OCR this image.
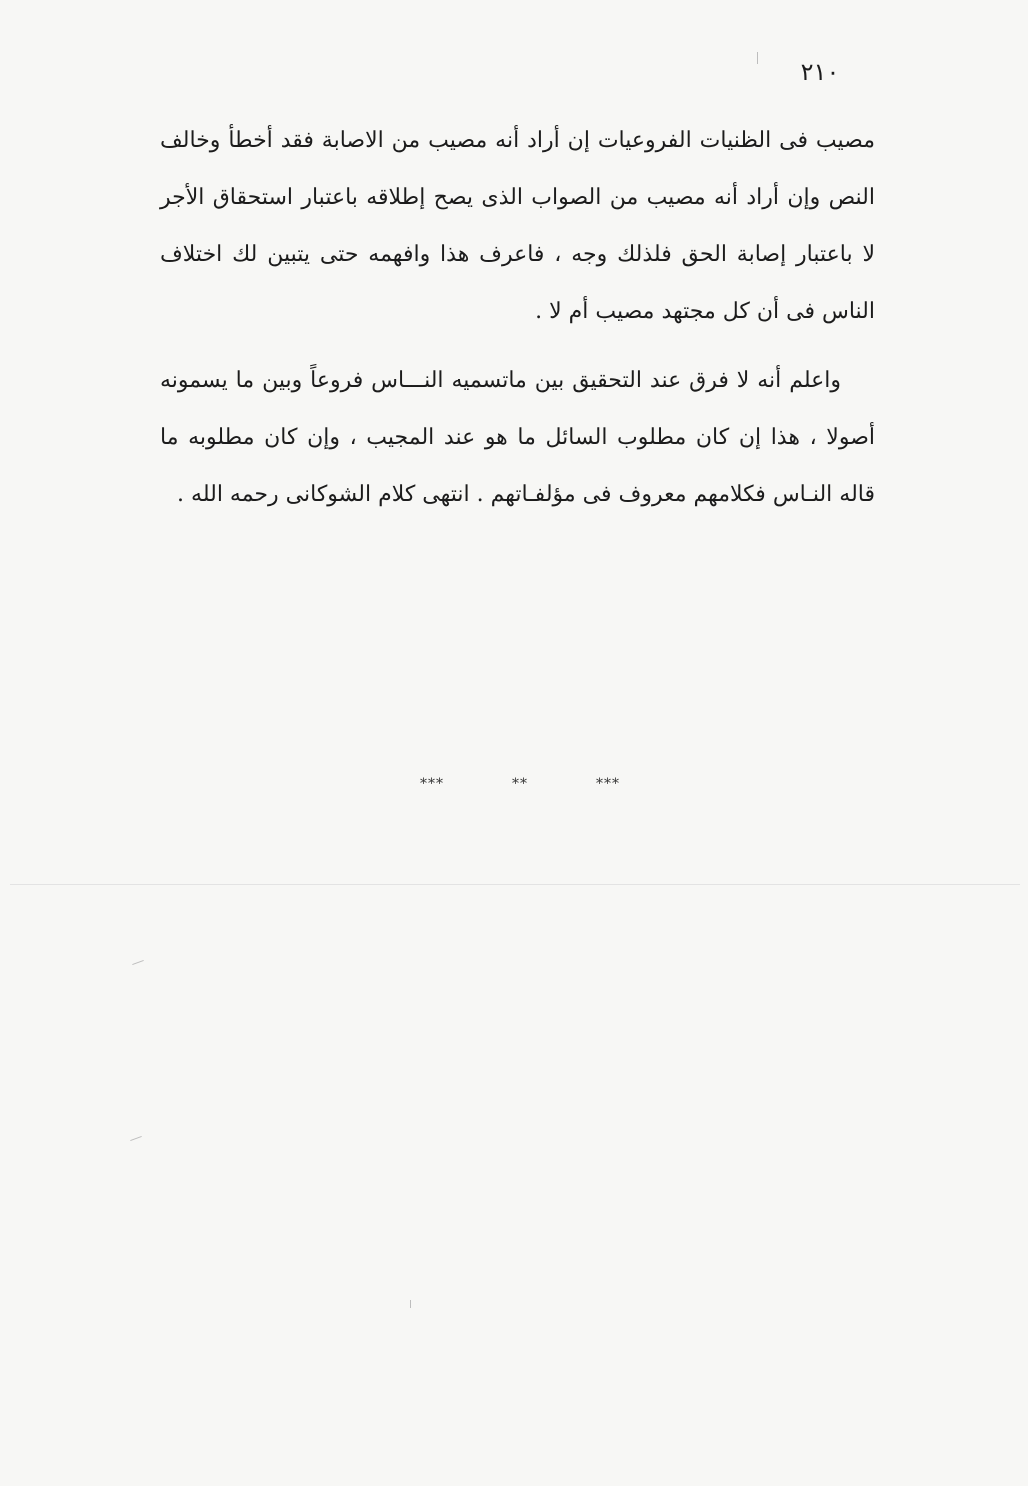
٢١٠
مصيب فى الظنيات الفروعيات إن أراد أنه مصيب من الاصابة فقد أخطأ وخالف النص وإن أراد أنه مصيب من الصواب الذى يصح إطلاقه باعتبار استحقاق الأجر لا باعتبار إصابة الحق فلذلك وجه ، فاعرف هذا وافهمه حتى يتبين لك اختلاف الناس فى أن كل مجتهد مصيب أم لا .
واعلم أنه لا فرق عند التحقيق بين ماتسميه النـــاس فروعاً وبين ما يسمونه أصولا ، هذا إن كان مطلوب السائل ما هو عند المجيب ، وإن كان مطلوبه ما قاله النـاس فكلامهم معروف فى مؤلفـاتهم . انتهى كلام الشوكانى رحمه الله .
***	**	***
